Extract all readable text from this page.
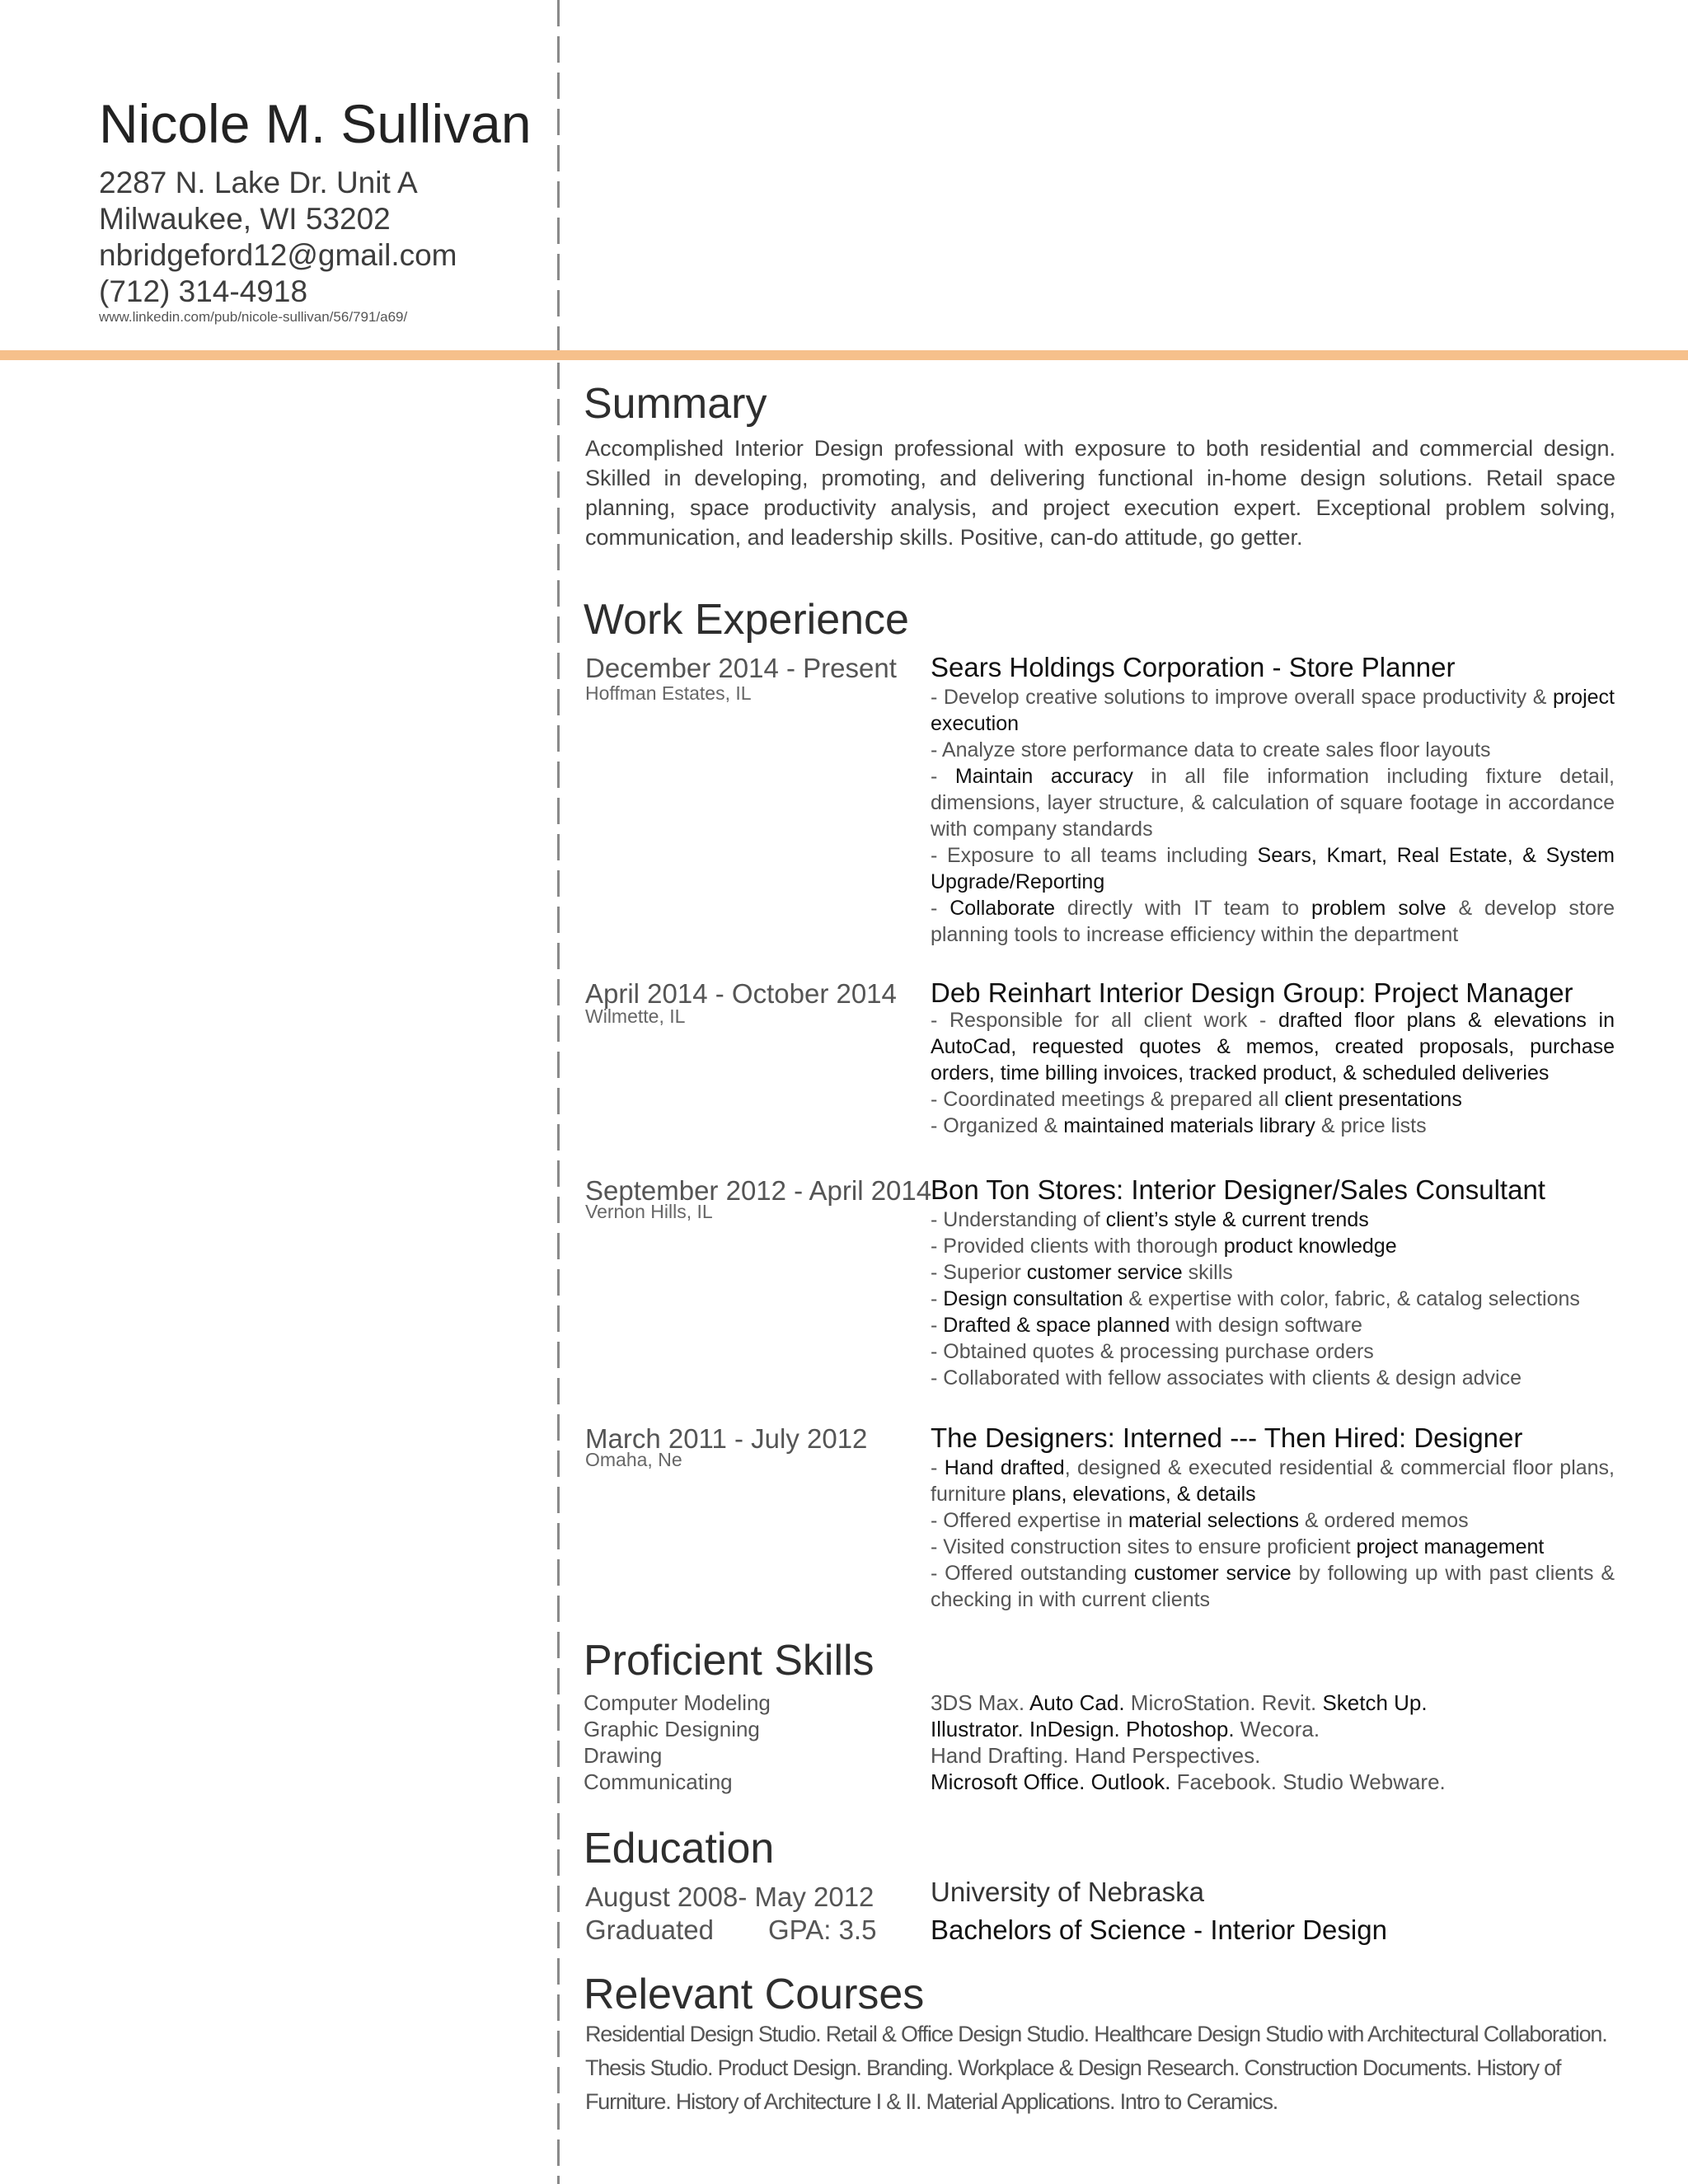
Nicole M. Sullivan
2287 N. Lake Dr. Unit A
Milwaukee, WI 53202
nbridgeford12@gmail.com
(712) 314-4918
www.linkedin.com/pub/nicole-sullivan/56/791/a69/
Summary

Accomplished Interior Design professional with exposure to both residential and commercial design. Skilled in developing, promoting, and delivering functional in-home design solutions. Retail space planning, space productivity analysis, and project execution expert. Exceptional problem solving, communication, and leadership skills. Positive, can-do attitude, go getter.

Work Experience
December 2014 - Present
Hoffman Estates, IL
Sears Holdings Corporation - Store Planner
- Develop creative solutions to improve overall space productivity & project execution
- Analyze store performance data to create sales floor layouts
- Maintain accuracy in all file information including fixture detail, dimensions, layer structure, & calculation of square footage in accordance with company standards
- Exposure to all teams including Sears, Kmart, Real Estate, & System Upgrade/Reporting
- Collaborate directly with IT team to problem solve & develop store planning tools to increase efficiency within the department
April 2014 - October 2014
Wilmette, IL
Deb Reinhart Interior Design Group: Project Manager
- Responsible for all client work - drafted floor plans & elevations in AutoCad, requested quotes & memos, created proposals, purchase orders, time billing invoices, tracked product, & scheduled deliveries
- Coordinated meetings & prepared all client presentations
- Organized & maintained materials library & price lists
September 2012 - April 2014
Vernon Hills, IL
Bon Ton Stores: Interior Designer/Sales Consultant
- Understanding of client’s style & current trends
- Provided clients with thorough product knowledge
- Superior customer service skills
- Design consultation & expertise with color, fabric, & catalog selections
- Drafted & space planned with design software
- Obtained quotes & processing purchase orders
- Collaborated with fellow associates with clients & design advice
March 2011 - July 2012
Omaha, Ne
The Designers: Interned --- Then Hired: Designer
- Hand drafted, designed & executed residential & commercial floor plans, furniture plans, elevations, & details
- Offered expertise in material selections & ordered memos
- Visited construction sites to ensure proficient project management
- Offered outstanding customer service by following up with past clients & checking in with current clients
Proficient Skills
Computer Modeling
Graphic Designing
Drawing
Communicating
3DS Max. Auto Cad. MicroStation. Revit. Sketch Up.
Illustrator. InDesign. Photoshop. Wecora.
Hand Drafting. Hand Perspectives.
Microsoft Office. Outlook. Facebook. Studio Webware.
Education
August 2008- May 2012
Graduated GPA: 3.5
University of Nebraska
Bachelors of Science - Interior Design
Relevant Courses

Residential Design Studio. Retail & Office Design Studio. Healthcare Design Studio with Architectural Collaboration. Thesis Studio. Product Design. Branding. Workplace & Design Research. Construction Documents. History of Furniture. History of Architecture I & II. Material Applications. Intro to Ceramics.
